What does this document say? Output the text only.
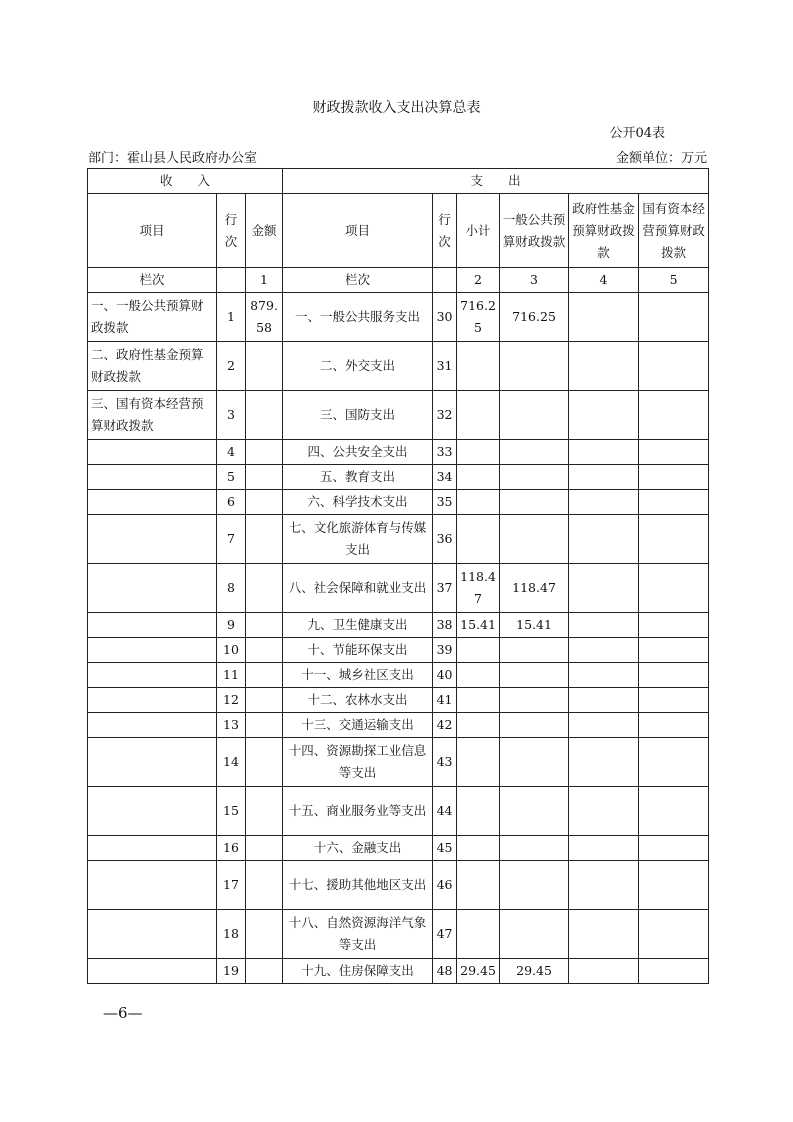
财政拨款收入支出决算总表
公开04表
部门：霍山县人民政府办公室	金额单位：万元
收　　入			支　　出					
项目	行次	金额	项目	行次	小计	一般公共预算财政拨款	政府性基金预算财政拨款	国有资本经营预算财政拨款
栏次		1	栏次		2	3	4	5
一、一般公共预算财政拨款	1	879.58	一、一般公共服务支出	30	716.25	716.25		
二、政府性基金预算财政拨款	2		二、外交支出	31				
三、国有资本经营预算财政拨款	3		三、国防支出	32				
	4		四、公共安全支出	33				
	5		五、教育支出	34				
	6		六、科学技术支出	35				
	7		七、文化旅游体育与传媒支出	36				
	8		八、社会保障和就业支出	37	118.47	118.47		
	9		九、卫生健康支出	38	15.41	15.41		
	10		十、节能环保支出	39				
	11		十一、城乡社区支出	40				
	12		十二、农林水支出	41				
	13		十三、交通运输支出	42				
	14		十四、资源勘探工业信息等支出	43				
	15		十五、商业服务业等支出	44				
	16		十六、金融支出	45				
	17		十七、援助其他地区支出	46				
	18		十八、自然资源海洋气象等支出	47				
	19		十九、住房保障支出	48	29.45	29.45		
—6—
